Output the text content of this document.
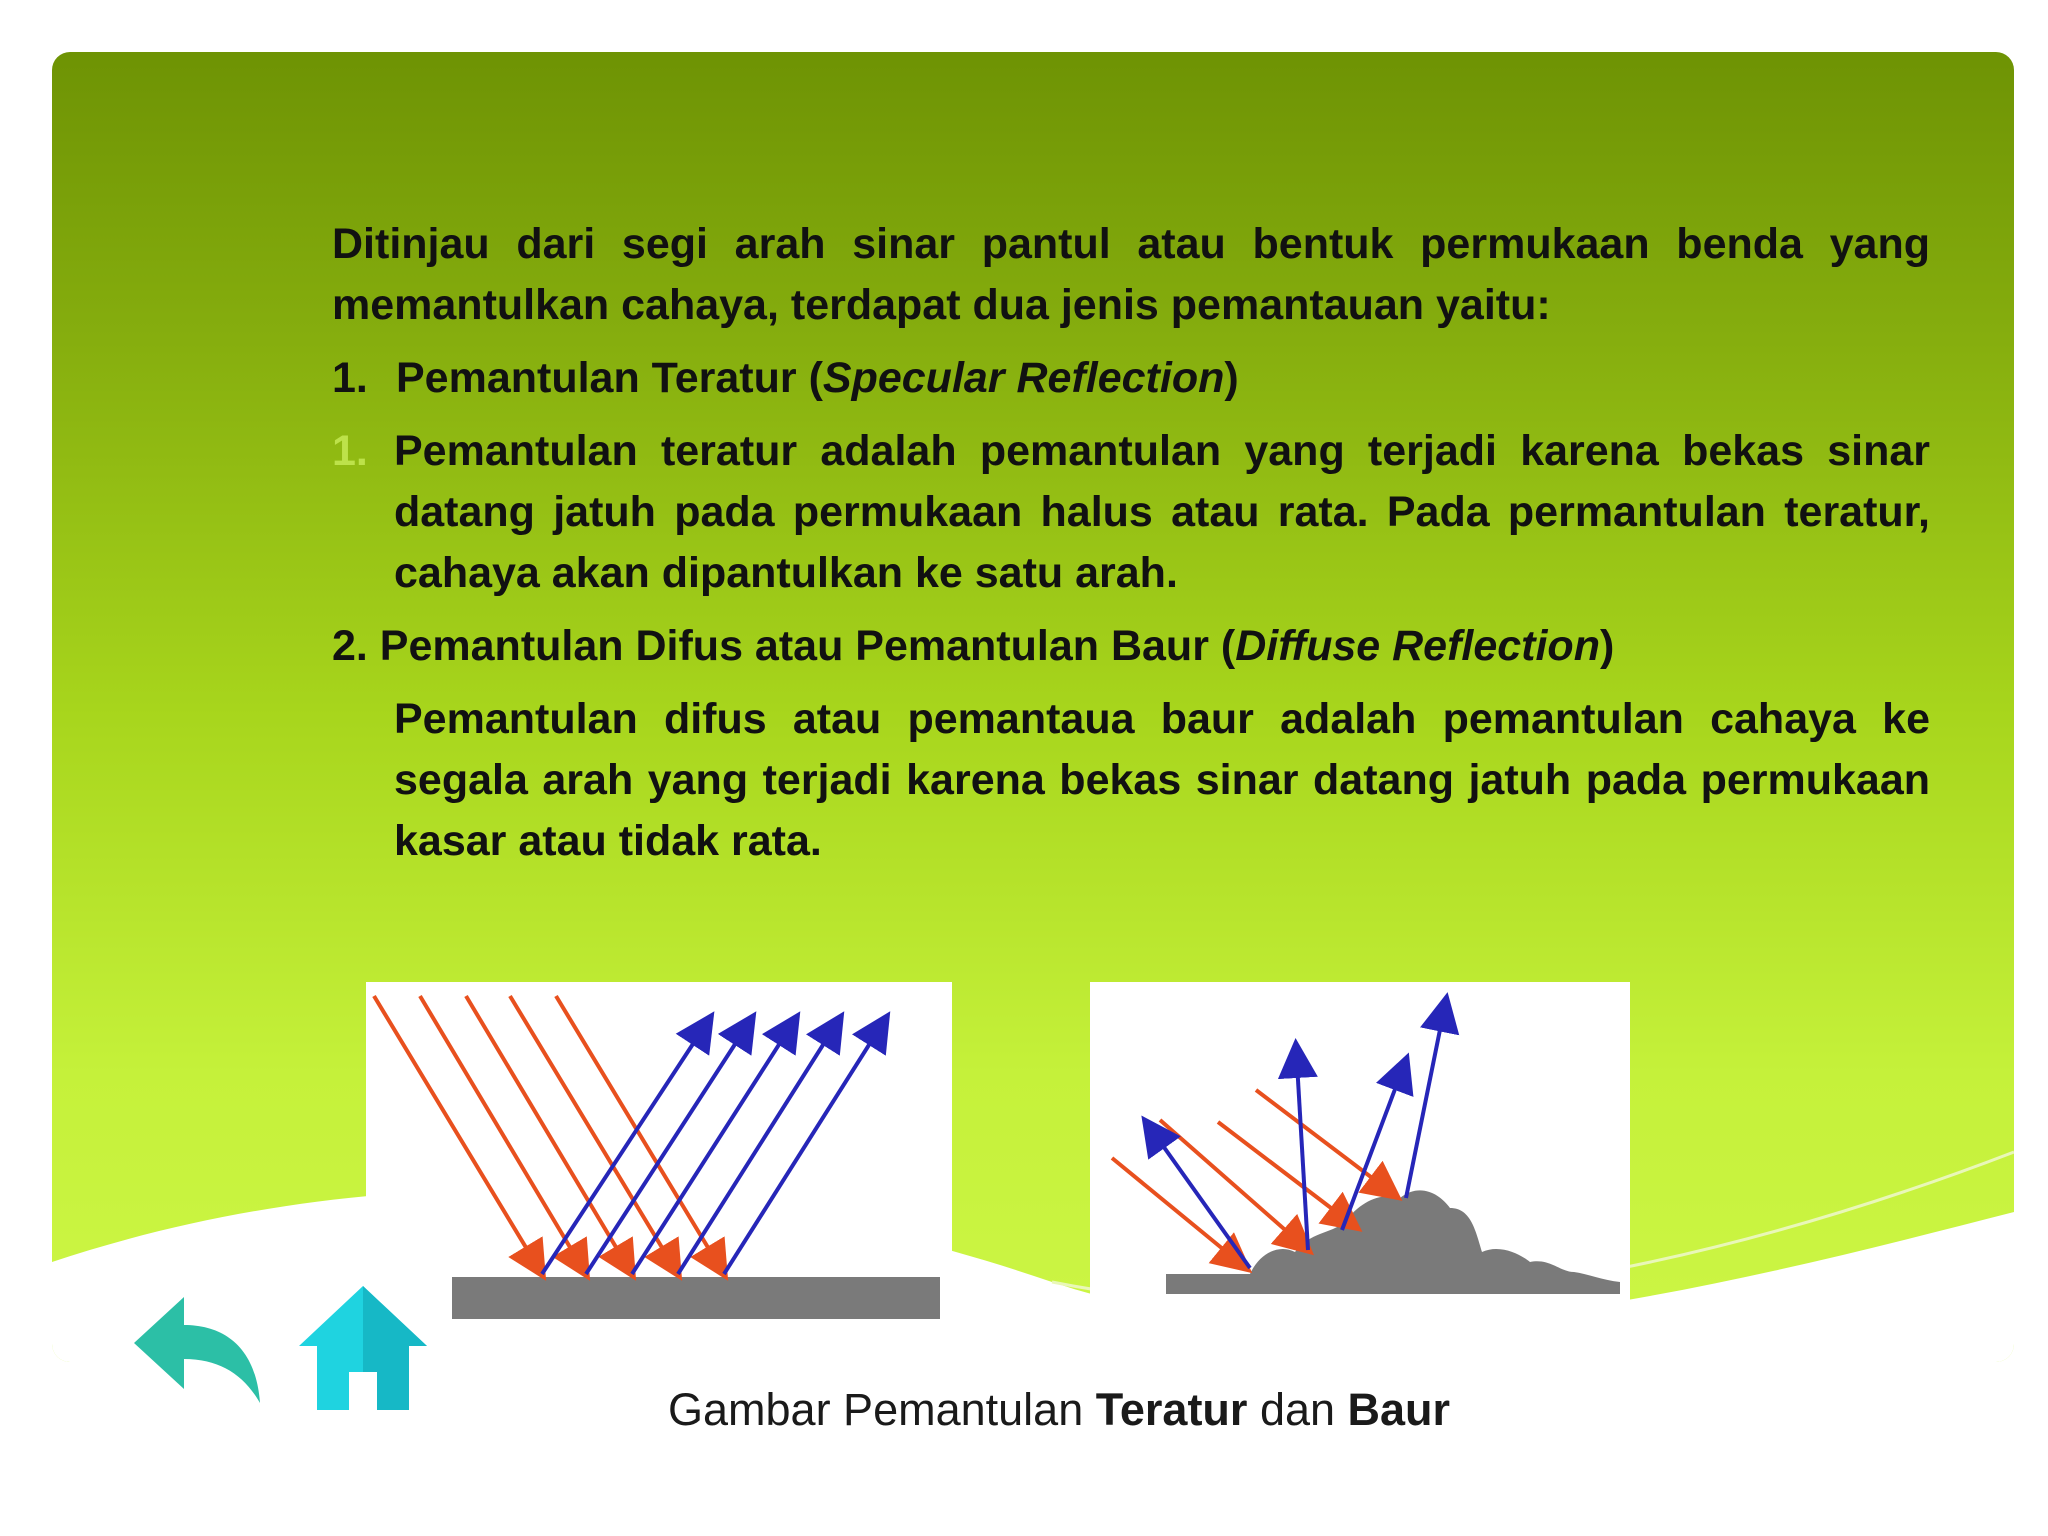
Ditinjau dari segi arah sinar pantul atau bentuk permukaan benda yang memantulkan cahaya, terdapat dua jenis pemantauan yaitu:

1. Pemantulan Teratur (Specular Reflection)
1. Pemantulan teratur adalah pemantulan yang terjadi karena bekas sinar datang jatuh pada permukaan halus atau rata. Pada permantulan teratur, cahaya akan dipantulkan ke satu arah.
2. Pemantulan Difus atau Pemantulan Baur (Diffuse Reflection)
Pemantulan difus atau pemantaua baur adalah pemantulan cahaya ke segala arah yang terjadi karena bekas sinar datang jatuh pada permukaan kasar atau tidak rata.
Gambar Pemantulan Teratur dan Baur
